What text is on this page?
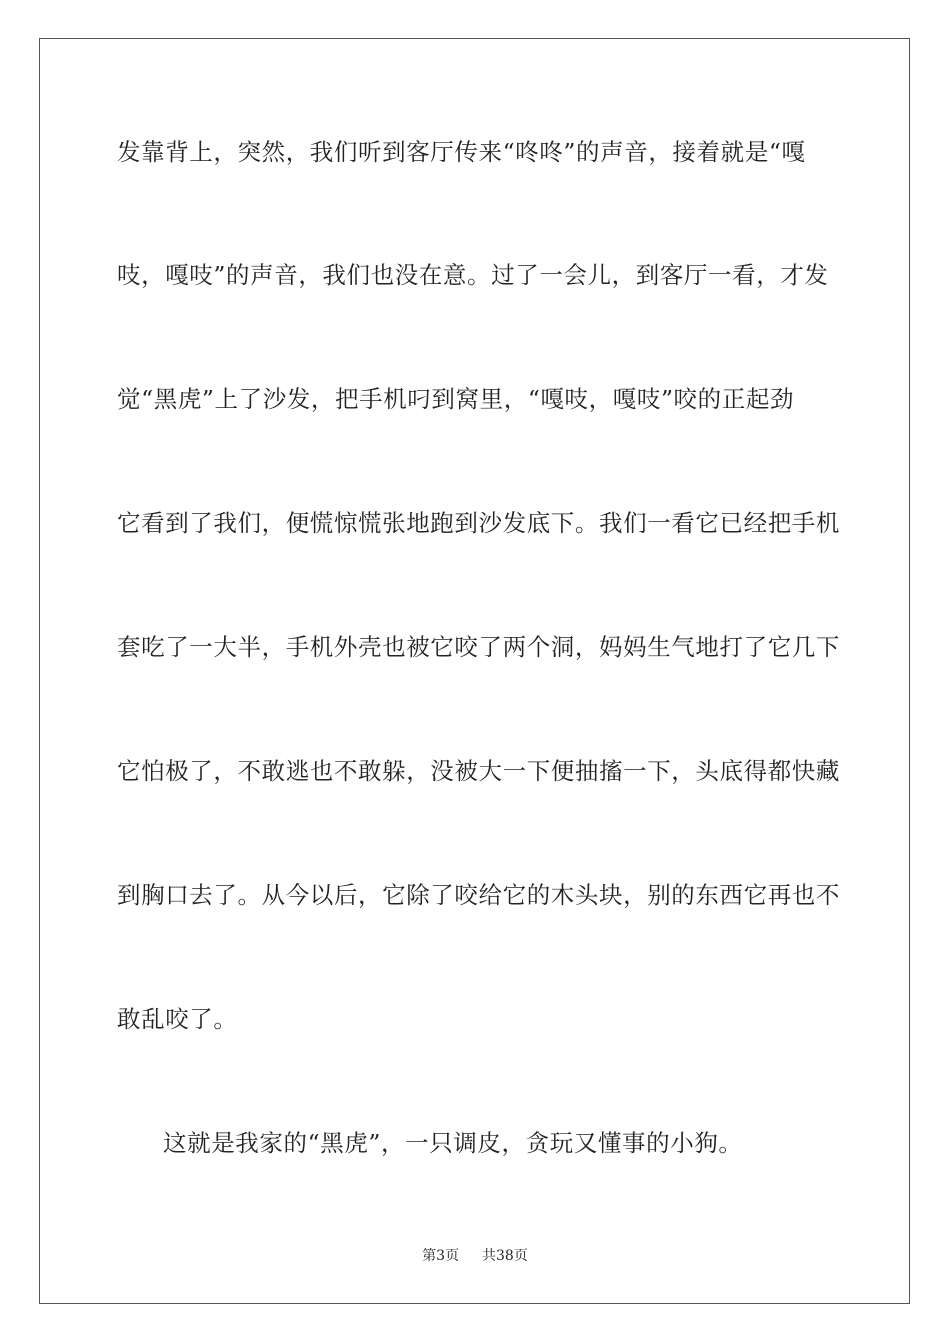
发靠背上，突然，我们听到客厅传来“咚咚”的声音，接着就是“嘎
吱，嘎吱”的声音，我们也没在意。过了一会儿，到客厅一看，才发
觉“黑虎”上了沙发，把手机叼到窝里，“嘎吱，嘎吱”咬的正起劲
它看到了我们，便慌惊慌张地跑到沙发底下。我们一看它已经把手机
套吃了一大半，手机外壳也被它咬了两个洞，妈妈生气地打了它几下
它怕极了，不敢逃也不敢躲，没被大一下便抽搐一下，头底得都快藏
到胸口去了。从今以后，它除了咬给它的木头块，别的东西它再也不
敢乱咬了。
这就是我家的“黑虎”，一只调皮，贪玩又懂事的小狗。
第3页 共38页
